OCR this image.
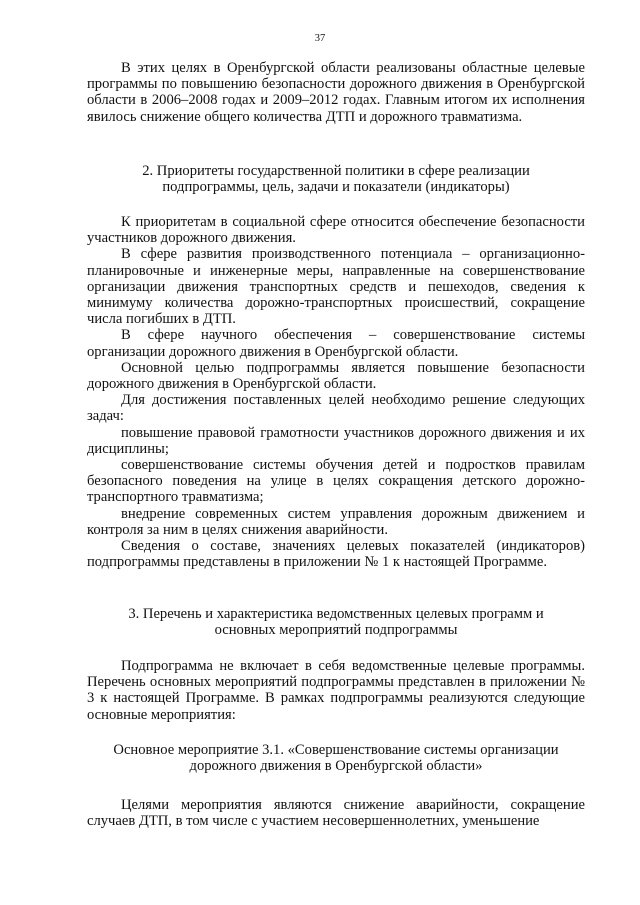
37

В этих целях в Оренбургской области реализованы областные целевые программы по повышению безопасности дорожного движения в Оренбургской области в 2006–2008 годах и 2009–2012 годах. Главным итогом их исполнения явилось снижение общего количества ДТП и дорожного травматизма.

2. Приоритеты государственной политики в сфере реализации

подпрограммы, цель, задачи и показатели (индикаторы)

К приоритетам в социальной сфере относится обеспечение безопасности участников дорожного движения.

В сфере развития производственного потенциала – организационно-планировочные и инженерные меры, направленные на совершенствование организации движения транспортных средств и пешеходов, сведения к минимуму количества дорожно-транспортных происшествий, сокращение числа погибших в ДТП.

В сфере научного обеспечения – совершенствование системы организации дорожного движения в Оренбургской области.

Основной целью подпрограммы является повышение безопасности дорожного движения в Оренбургской области.

Для достижения поставленных целей необходимо решение следующих задач:

повышение правовой грамотности участников дорожного движения и их дисциплины;

совершенствование системы обучения детей и подростков правилам безопасного поведения на улице в целях сокращения детского дорожно-транспортного травматизма;

внедрение современных систем управления дорожным движением и контроля за ним в целях снижения аварийности.

Сведения о составе, значениях целевых показателей (индикаторов) подпрограммы представлены в приложении № 1 к настоящей Программе.

3. Перечень и характеристика ведомственных целевых программ и

основных мероприятий подпрограммы

Подпрограмма не включает в себя ведомственные целевые программы. Перечень основных мероприятий подпрограммы представлен в приложении № 3 к настоящей Программе. В рамках подпрограммы реализуются следующие основные мероприятия:

Основное мероприятие 3.1. «Совершенствование системы организации

дорожного движения в Оренбургской области»

Целями мероприятия являются снижение аварийности, сокращение случаев ДТП, в том числе с участием несовершеннолетних, уменьшение
